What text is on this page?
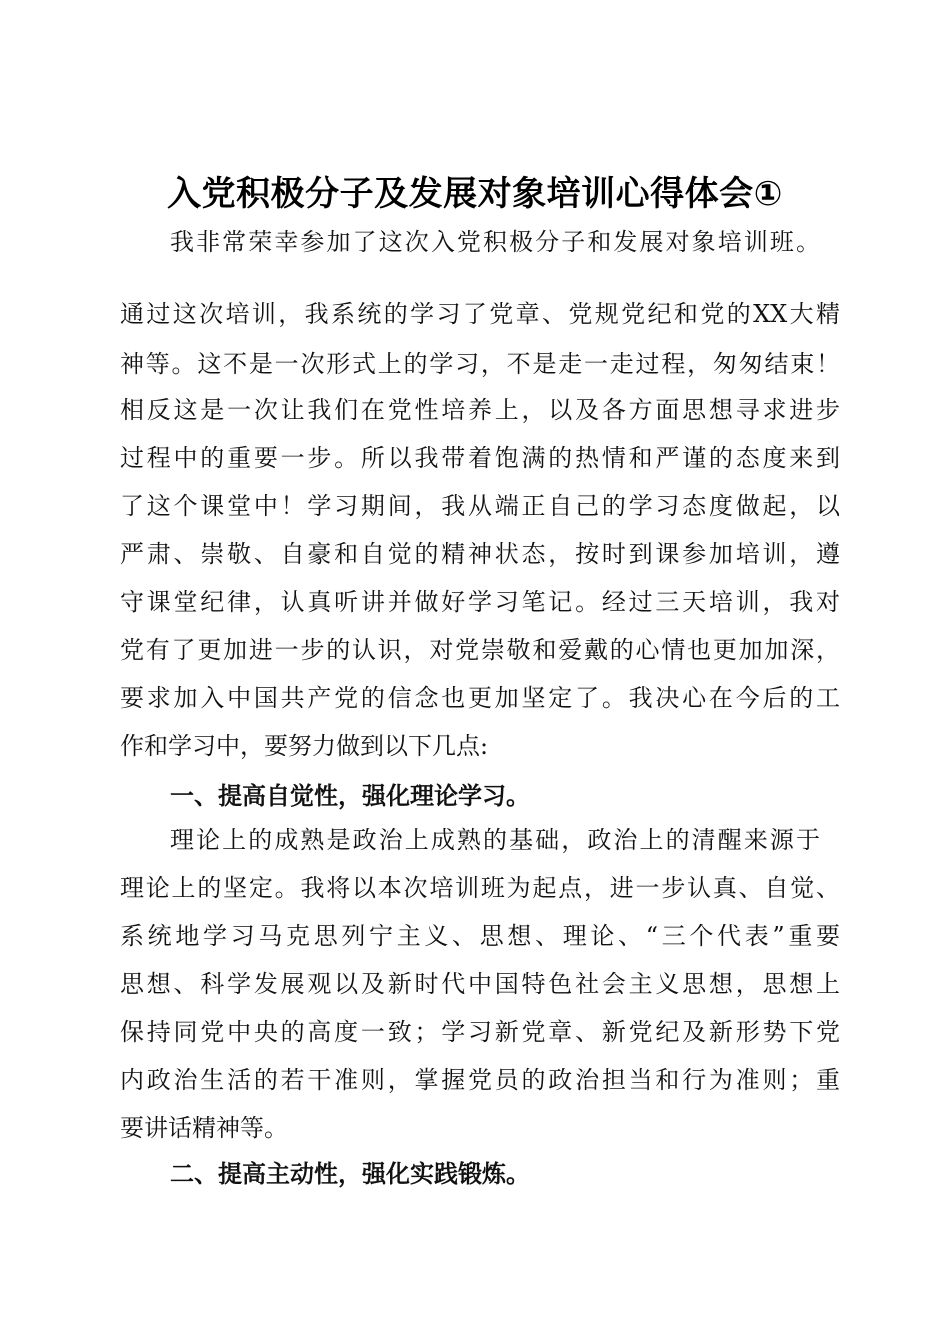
入党积极分子及发展对象培训心得体会①
我非常荣幸参加了这次入党积极分子和发展对象培训班。
通过这次培训，我系统的学习了党章、党规党纪和党的XX大精
神等。这不是一次形式上的学习，不是走一走过程，匆匆结束！
相反这是一次让我们在党性培养上，以及各方面思想寻求进步
过程中的重要一步。所以我带着饱满的热情和严谨的态度来到
了这个课堂中！学习期间，我从端正自己的学习态度做起，以
严肃、崇敬、自豪和自觉的精神状态，按时到课参加培训，遵
守课堂纪律，认真听讲并做好学习笔记。经过三天培训，我对
党有了更加进一步的认识，对党崇敬和爱戴的心情也更加加深，
要求加入中国共产党的信念也更加坚定了。我决心在今后的工
作和学习中，要努力做到以下几点:
一、提高自觉性，强化理论学习。
理论上的成熟是政治上成熟的基础，政治上的清醒来源于
理论上的坚定。我将以本次培训班为起点，进一步认真、自觉、
系统地学习马克思列宁主义、思想、理论、“三个代表”重要
思想、科学发展观以及新时代中国特色社会主义思想，思想上
保持同党中央的高度一致；学习新党章、新党纪及新形势下党
内政治生活的若干准则，掌握党员的政治担当和行为准则；重
要讲话精神等。
二、提高主动性，强化实践锻炼。
